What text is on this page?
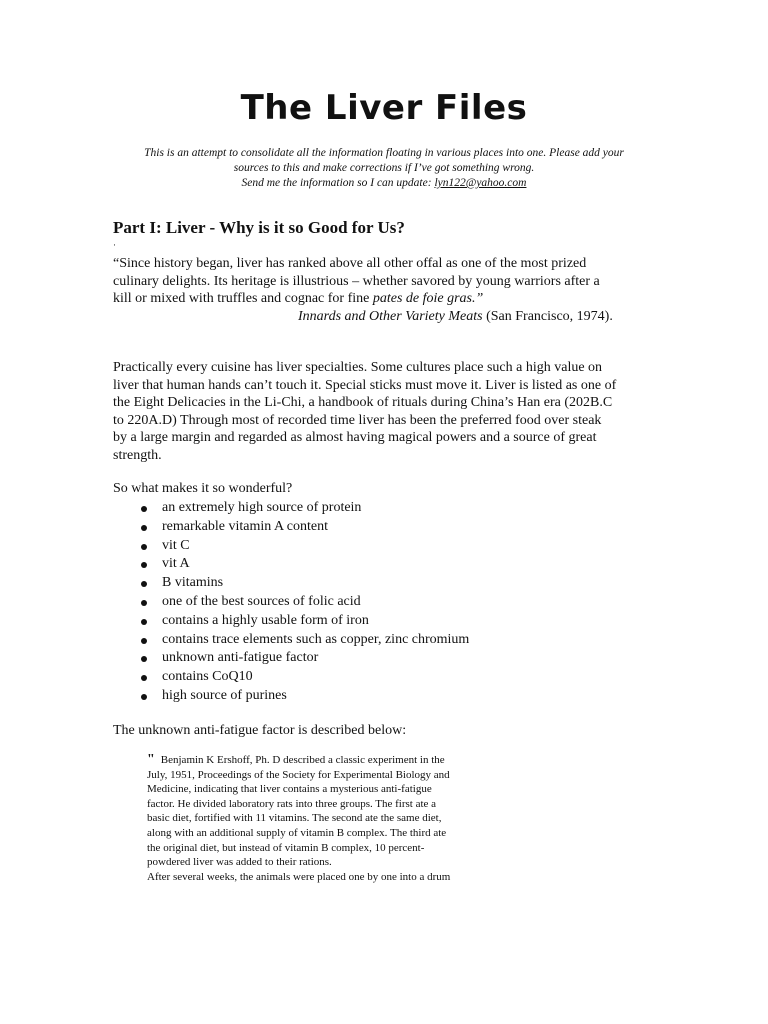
The Liver Files
This is an attempt to consolidate all the information floating in various places into one. Please add your
sources to this and make corrections if I’ve got something wrong.
Send me the information so I can update: lyn122@yahoo.com
Part I: Liver - Why is it so Good for Us?
·
“Since history began, liver has ranked above all other offal as one of the most prized
culinary delights. Its heritage is illustrious – whether savored by young warriors after a
kill or mixed with truffles and cognac for fine pates de foie gras.”
Innards and Other Variety Meats (San Francisco, 1974).
Practically every cuisine has liver specialties. Some cultures place such a high value on
liver that human hands can’t touch it. Special sticks must move it. Liver is listed as one of
the Eight Delicacies in the Li-Chi, a handbook of rituals during China’s Han era (202B.C
to 220A.D) Through most of recorded time liver has been the preferred food over steak
by a large margin and regarded as almost having magical powers and a source of great
strength.
So what makes it so wonderful?
an extremely high source of protein
remarkable vitamin A content
vit C
vit A
B vitamins
one of the best sources of folic acid
contains a highly usable form of iron
contains trace elements such as copper, zinc chromium
unknown anti-fatigue factor
contains CoQ10
high source of purines
The unknown anti-fatigue factor is described below:
" Benjamin K Ershoff, Ph. D described a classic experiment in the
July, 1951, Proceedings of the Society for Experimental Biology and
Medicine, indicating that liver contains a mysterious anti-fatigue
factor. He divided laboratory rats into three groups. The first ate a
basic diet, fortified with 11 vitamins. The second ate the same diet,
along with an additional supply of vitamin B complex. The third ate
the original diet, but instead of vitamin B complex, 10 percent-
powdered liver was added to their rations.
After several weeks, the animals were placed one by one into a drum
